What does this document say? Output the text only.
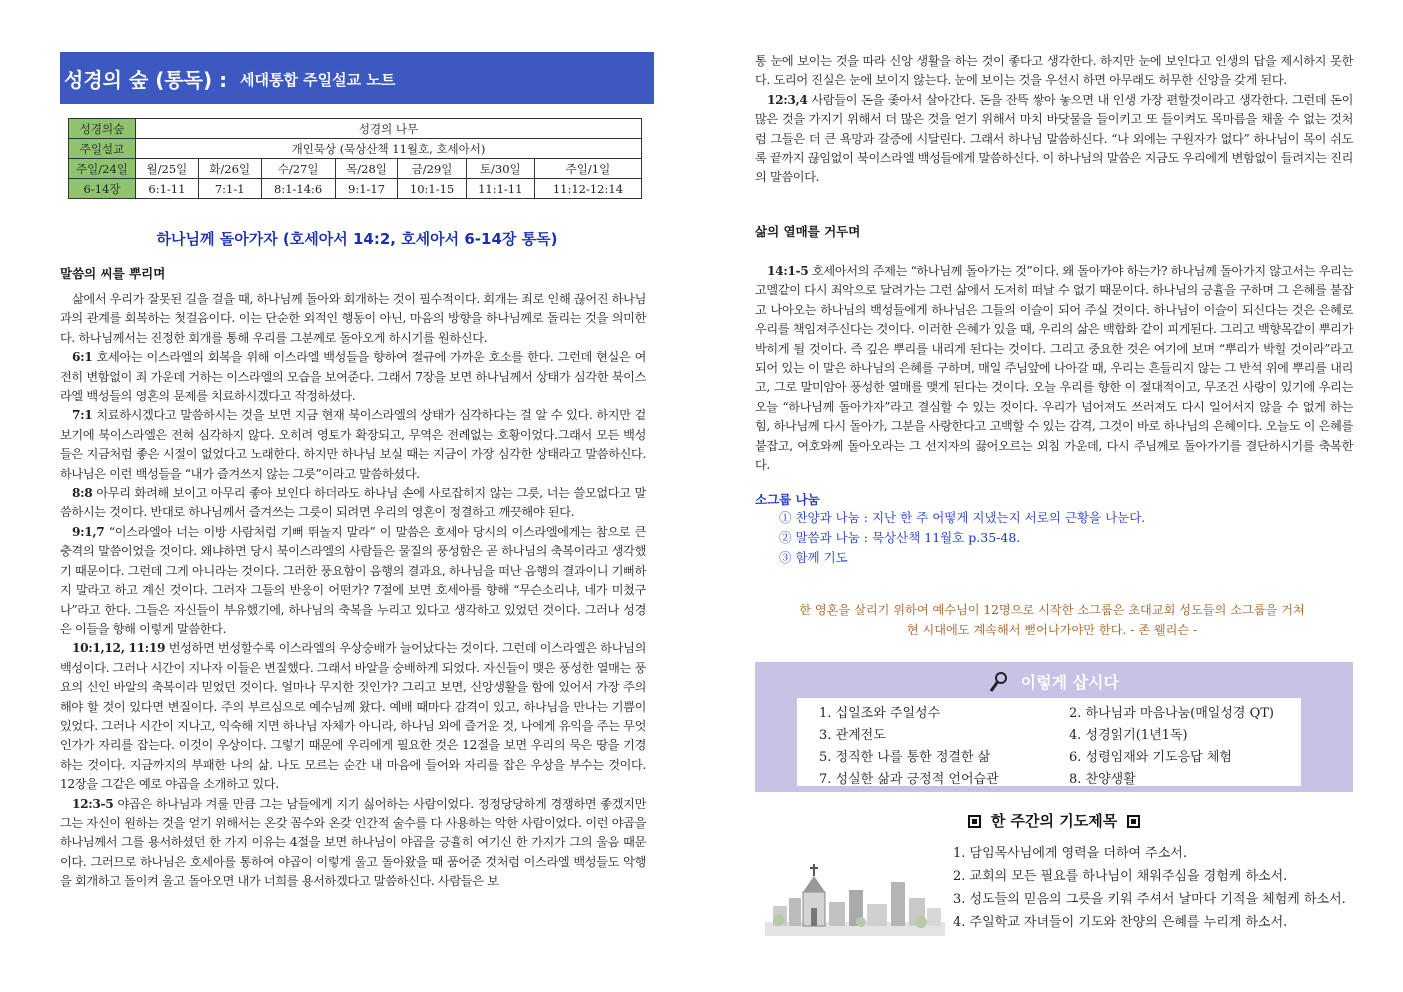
성경의 숲 (통독) : 세대통합 주일설교 노트
성경의숲	성경의 나무						
주일설교	개인묵상 (묵상산책 11월호, 호세아서)						
주일/24일	월/25일	화/26일	수/27일	목/28일	금/29일	토/30일	주일/1일
6-14장	6:1-11	7:1-1	8:1-14:6	9:1-17	10:1-15	11:1-11	11:12-12:14
하나님께 돌아가자 (호세아서 14:2, 호세아서 6-14장 통독)
말씀의 씨를 뿌리며

삶에서 우리가 잘못된 길을 걸을 때, 하나님께 돌아와 회개하는 것이 필수적이다. 회개는 죄로 인해 끊어진 하나님과의 관계를 회복하는 첫걸음이다. 이는 단순한 외적인 행동이 아닌, 마음의 방향을 하나님께로 돌리는 것을 의미한다. 하나님께서는 진정한 회개를 통해 우리를 그분께로 돌아오게 하시기를 원하신다.

6:1 호세아는 이스라엘의 회복을 위해 이스라엘 백성들을 향하여 절규에 가까운 호소를 한다. 그런데 현실은 여전히 변함없이 죄 가운데 거하는 이스라엘의 모습을 보여준다. 그래서 7장을 보면 하나님께서 상태가 심각한 북이스라엘 백성들의 영혼의 문제를 치료하시겠다고 작정하셨다.

7:1 치료하시겠다고 말씀하시는 것을 보면 지금 현재 북이스라엘의 상태가 심각하다는 걸 알 수 있다. 하지만 겉보기에 북이스라엘은 전혀 심각하지 않다. 오히려 영토가 확장되고, 무역은 전례없는 호황이었다.그래서 모든 백성들은 지금처럼 좋은 시절이 없었다고 노래한다. 하지만 하나님 보실 때는 지금이 가장 심각한 상태라고 말씀하신다. 하나님은 이런 백성들을 “내가 즐겨쓰지 않는 그릇”이라고 말씀하셨다.

8:8 아무리 화려해 보이고 아무리 좋아 보인다 하더라도 하나님 손에 사로잡히지 않는 그릇, 너는 쓸모없다고 말씀하시는 것이다. 반대로 하나님께서 즐겨쓰는 그릇이 되려면 우리의 영혼이 정결하고 깨끗해야 된다.

9:1,7 “이스라엘아 너는 이방 사람처럼 기뻐 뛰놀지 말라” 이 말씀은 호세아 당시의 이스라엘에게는 참으로 큰 충격의 말씀이었을 것이다. 왜냐하면 당시 북이스라엘의 사람들은 물질의 풍성함은 곧 하나님의 축복이라고 생각했기 때문이다. 그런데 그게 아니라는 것이다. 그러한 풍요함이 음행의 결과요, 하나님을 떠난 음행의 결과이니 기뻐하지 말라고 하고 계신 것이다. 그러자 그들의 반응이 어떤가? 7절에 보면 호세아를 향해 “무슨소리냐, 네가 미쳤구나”라고 한다. 그들은 자신들이 부유했기에, 하나님의 축복을 누리고 있다고 생각하고 있었던 것이다. 그러나 성경은 이들을 향해 이렇게 말씀한다.

10:1,12, 11:19 번성하면 번성할수록 이스라엘의 우상숭배가 늘어났다는 것이다. 그런데 이스라엘은 하나님의 백성이다. 그러나 시간이 지나자 이들은 변질했다. 그래서 바알을 숭배하게 되었다. 자신들이 맺은 풍성한 열매는 풍요의 신인 바알의 축복이라 믿었던 것이다. 얼마나 무지한 짓인가? 그리고 보면, 신앙생활을 함에 있어서 가장 주의해야 할 것이 있다면 변질이다. 주의 부르심으로 예수님께 왔다. 예배 때마다 감격이 있고, 하나님을 만나는 기쁨이 있었다. 그러나 시간이 지나고, 익숙해 지면 하나님 자체가 아니라, 하나님 외에 즐거운 것, 나에게 유익을 주는 무엇인가가 자리를 잡는다. 이것이 우상이다. 그렇기 때문에 우리에게 필요한 것은 12절을 보면 우리의 묵은 땅을 기경하는 것이다. 지금까지의 부패한 나의 삶. 나도 모르는 순간 내 마음에 들어와 자리를 잡은 우상을 부수는 것이다. 12장을 그같은 예로 야곱을 소개하고 있다.

12:3-5 야곱은 하나님과 겨룰 만큼 그는 남들에게 지기 싫어하는 사람이었다. 정정당당하게 경쟁하면 좋겠지만 그는 자신이 원하는 것을 얻기 위해서는 온갖 꼼수와 온갖 인간적 술수를 다 사용하는 악한 사람이었다. 이런 야곱을 하나님께서 그를 용서하셨던 한 가지 이유는 4절을 보면 하나님이 야곱을 긍휼히 여기신 한 가지가 그의 울음 때문이다. 그러므로 하나님은 호세아를 통하여 야곱이 이렇게 울고 돌아왔을 때 품어준 것처럼 이스라엘 백성들도 악행을 회개하고 돌이켜 울고 돌아오면 내가 너희를 용서하겠다고 말씀하신다. 사람들은 보

통 눈에 보이는 것을 따라 신앙 생활을 하는 것이 좋다고 생각한다. 하지만 눈에 보인다고 인생의 답을 제시하지 못한다. 도리어 진실은 눈에 보이지 않는다. 눈에 보이는 것을 우선시 하면 아무래도 허무한 신앙을 갖게 된다.

12:3,4 사람들이 돈을 좇아서 살아간다. 돈을 잔뜩 쌓아 놓으면 내 인생 가장 편할것이라고 생각한다. 그런데 돈이 많은 것을 가지기 위해서 더 많은 것을 얻기 위해서 마치 바닷물을 들이키고 또 들이켜도 목마름을 채울 수 없는 것처럼 그들은 더 큰 욕망과 갈증에 시달린다. 그래서 하나님 말씀하신다. “나 외에는 구원자가 없다” 하나님이 목이 쉬도록 끝까지 끊임없이 북이스라엘 백성들에게 말씀하신다. 이 하나님의 말씀은 지금도 우리에게 변함없이 들려지는 진리의 말씀이다.

삶의 열매를 거두며

14:1-5 호세아서의 주제는 “하나님께 돌아가는 것”이다. 왜 돌아가야 하는가? 하나님께 돌아가지 않고서는 우리는 고멜같이 다시 죄악으로 달려가는 그런 삶에서 도저히 떠날 수 없기 때문이다. 하나님의 긍휼을 구하며 그 은혜를 붙잡고 나아오는 하나님의 백성들에게 하나님은 그들의 이슬이 되어 주실 것이다. 하나님이 이슬이 되신다는 것은 은혜로 우리를 책임져주신다는 것이다. 이러한 은혜가 있을 때, 우리의 삶은 백합화 같이 피게된다. 그리고 백향목같이 뿌리가 박히게 될 것이다. 즉 깊은 뿌리를 내리게 된다는 것이다. 그리고 중요한 것은 여기에 보며 “뿌리가 박힐 것이라”라고 되어 있는 이 말은 하나님의 은혜를 구하며, 매일 주님앞에 나아갈 때, 우리는 흔들리지 않는 그 반석 위에 뿌리를 내리고, 그로 말미암아 풍성한 열매를 맺게 된다는 것이다. 오늘 우리를 향한 이 절대적이고, 무조건 사랑이 있기에 우리는 오늘 “하나님께 돌아가자”라고 결심할 수 있는 것이다. 우리가 넘어져도 쓰러져도 다시 일어서지 않을 수 없게 하는 힘, 하나님께 다시 돌아가, 그분을 사랑한다고 고백할 수 있는 감격, 그것이 바로 하나님의 은혜이다. 오늘도 이 은혜를 붙잡고, 여호와께 돌아오라는 그 선지자의 끓어오르는 외침 가운데, 다시 주님께로 돌아가기를 결단하시기를 축복한다.

소그룹 나눔
① 찬양과 나눔 : 지난 한 주 어떻게 지냈는지 서로의 근황을 나눈다.
② 말씀과 나눔 : 묵상산책 11월호 p.35-48.
③ 함께 기도
한 영혼을 살리기 위하여 예수님이 12명으로 시작한 소그룹은 초대교회 성도들의 소그룹을 거쳐
현 시대에도 계속해서 뻗어나가야만 한다. - 존 웰리슨 -
이렇게 삽시다
1. 십일조와 주일성수	2. 하나님과 마음나눔(매일성경 QT)
3. 관계전도	4. 성경읽기(1년1독)
5. 정직한 나를 통한 정결한 삶	6. 성령임재와 기도응답 체험
7. 성실한 삶과 긍정적 언어습관	8. 찬양생활
한 주간의 기도제목
1. 담임목사님에게 영력을 더하여 주소서.
2. 교회의 모든 필요를 하나님이 채워주심을 경험케 하소서.
3. 성도들의 믿음의 그릇을 키워 주셔서 날마다 기적을 체험케 하소서.
4. 주일학교 자녀들이 기도와 찬양의 은혜를 누리게 하소서.
